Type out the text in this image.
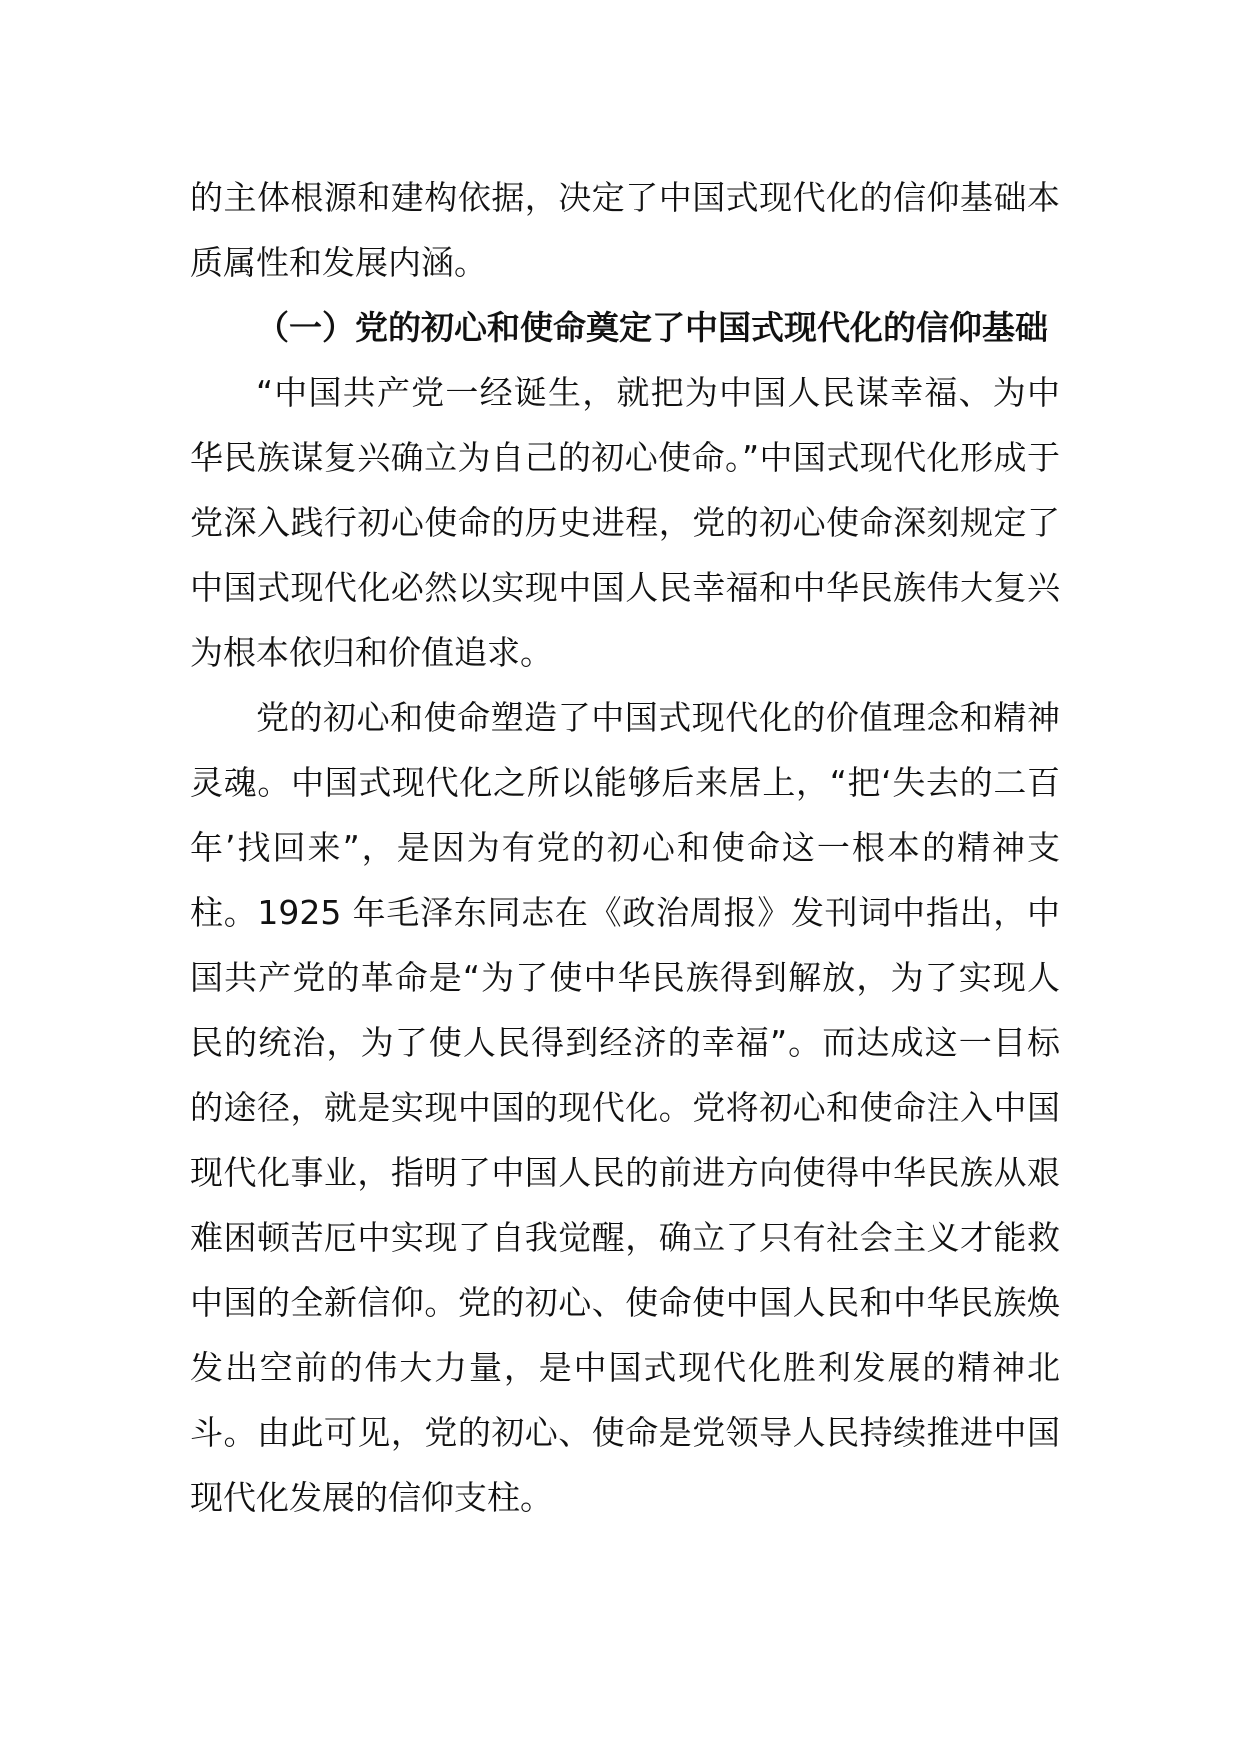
的主体根源和建构依据，决定了中国式现代化的信仰基础本质属性和发展内涵。

（一）党的初心和使命奠定了中国式现代化的信仰基础

“中国共产党一经诞生，就把为中国人民谋幸福、为中华民族谋复兴确立为自己的初心使命。”中国式现代化形成于党深入践行初心使命的历史进程，党的初心使命深刻规定了中国式现代化必然以实现中国人民幸福和中华民族伟大复兴为根本依归和价值追求。

党的初心和使命塑造了中国式现代化的价值理念和精神灵魂。中国式现代化之所以能够后来居上，“把‘失去的二百年’找回来”，是因为有党的初心和使命这一根本的精神支柱。1925 年毛泽东同志在《政治周报》发刊词中指出，中国共产党的革命是“为了使中华民族得到解放，为了实现人民的统治，为了使人民得到经济的幸福”。而达成这一目标的途径，就是实现中国的现代化。党将初心和使命注入中国现代化事业，指明了中国人民的前进方向使得中华民族从艰难困顿苦厄中实现了自我觉醒，确立了只有社会主义才能救中国的全新信仰。党的初心、使命使中国人民和中华民族焕发出空前的伟大力量，是中国式现代化胜利发展的精神北斗。由此可见，党的初心、使命是党领导人民持续推进中国现代化发展的信仰支柱。
